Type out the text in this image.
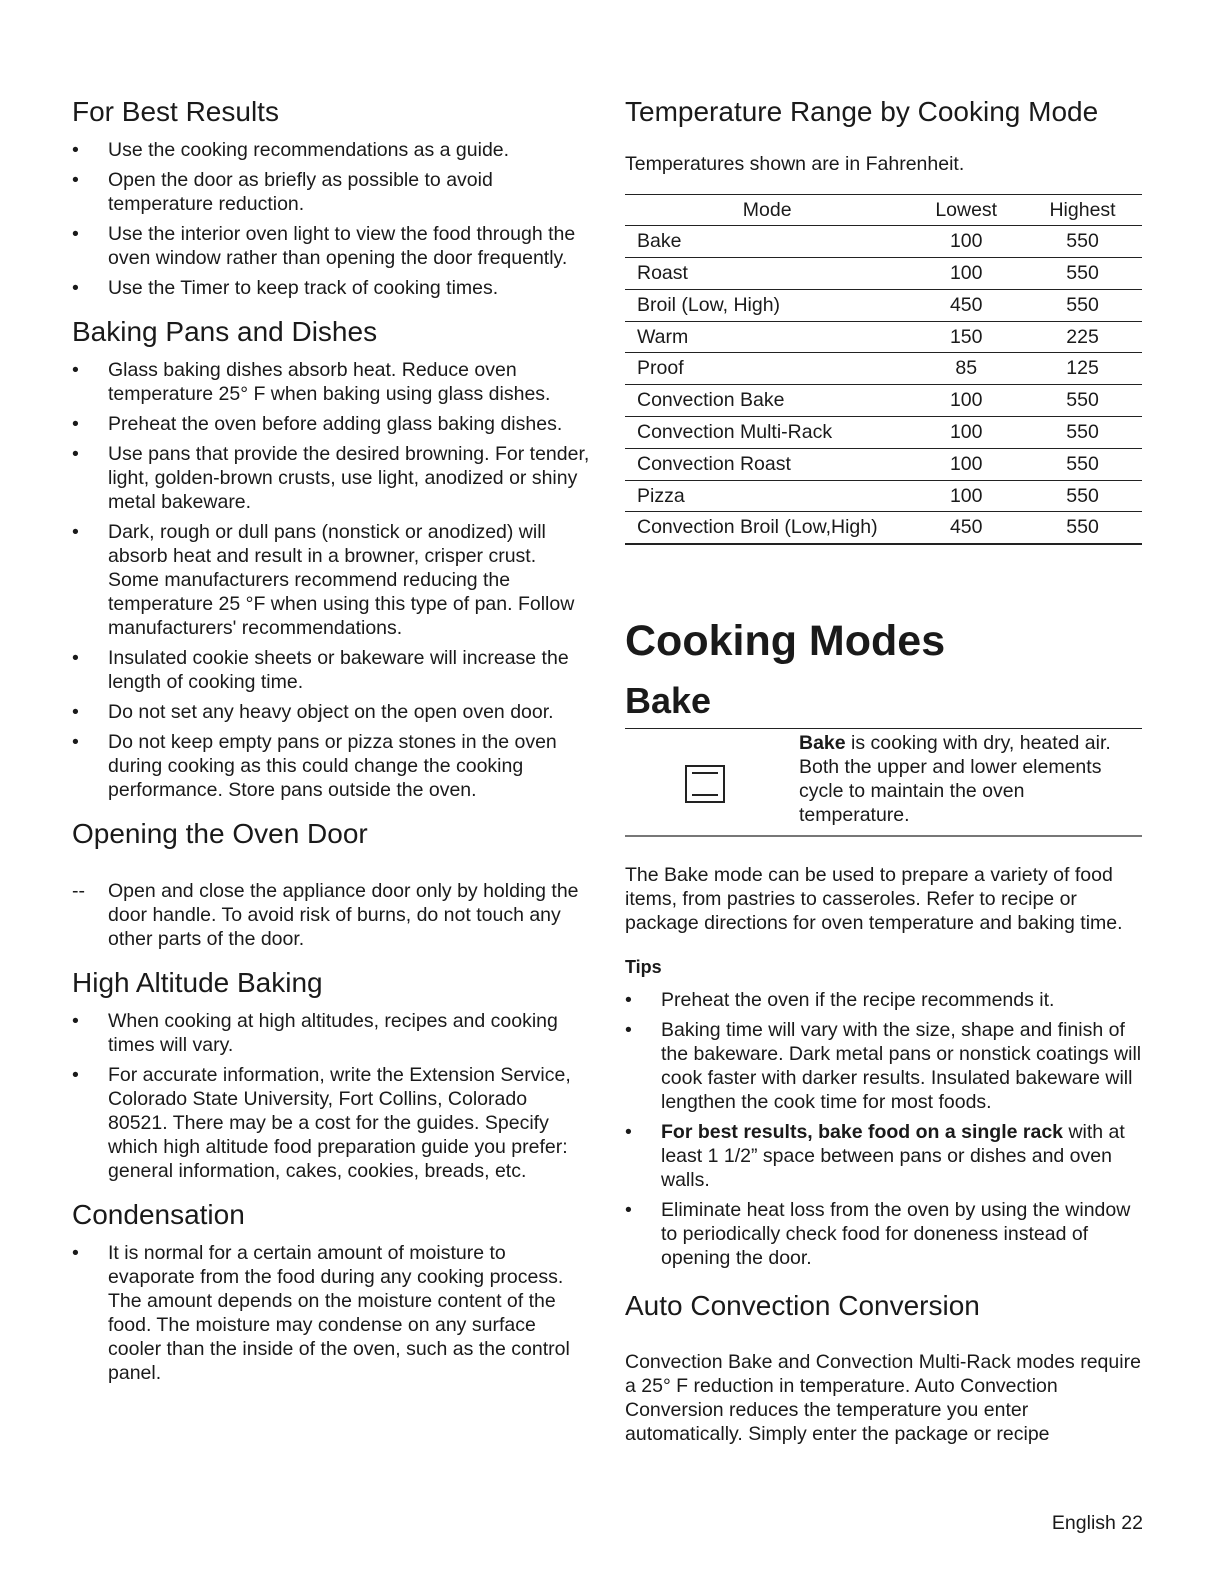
For Best Results
•	Use the cooking recommendations as a guide.
•	Open the door as briefly as possible to avoid temperature reduction.
•	Use the interior oven light to view the food through the oven window rather than opening the door frequently.
•	Use the Timer to keep track of cooking times.
Baking Pans and Dishes
•	Glass baking dishes absorb heat. Reduce oven temperature 25° F when baking using glass dishes.
•	Preheat the oven before adding glass baking dishes.
•	Use pans that provide the desired browning. For tender, light, golden-brown crusts, use light, anodized or shiny metal bakeware.
•	Dark, rough or dull pans (nonstick or anodized) will absorb heat and result in a browner, crisper crust. Some manufacturers recommend reducing the temperature 25 °F when using this type of pan. Follow manufacturers' recommendations.
•	Insulated cookie sheets or bakeware will increase the length of cooking time.
•	Do not set any heavy object on the open oven door.
•	Do not keep empty pans or pizza stones in the oven during cooking as this could change the cooking performance. Store pans outside the oven.
Opening the Oven Door
--	Open and close the appliance door only by holding the door handle. To avoid risk of burns, do not touch any other parts of the door.
High Altitude Baking
•	When cooking at high altitudes, recipes and cooking times will vary.
•	For accurate information, write the Extension Service, Colorado State University, Fort Collins, Colorado 80521. There may be a cost for the guides. Specify which high altitude food preparation guide you prefer: general information, cakes, cookies, breads, etc.
Condensation
•	It is normal for a certain amount of moisture to evaporate from the food during any cooking process. The amount depends on the moisture content of the food. The moisture may condense on any surface cooler than the inside of the oven, such as the control panel.
Temperature Range by Cooking Mode

Temperatures shown are in Fahrenheit.

Mode	Lowest	Highest
Bake	100	550
Roast	100	550
Broil (Low, High)	450	550
Warm	150	225
Proof	85	125
Convection Bake	100	550
Convection Multi-Rack	100	550
Convection Roast	100	550
Pizza	100	550
Convection Broil (Low,High)	450	550
Cooking Modes
Bake
Bake is cooking with dry, heated air. Both the upper and lower elements cycle to maintain the oven temperature.

The Bake mode can be used to prepare a variety of food items, from pastries to casseroles. Refer to recipe or package directions for oven temperature and baking time.

Tips
•	Preheat the oven if the recipe recommends it.
•	Baking time will vary with the size, shape and finish of the bakeware. Dark metal pans or nonstick coatings will cook faster with darker results. Insulated bakeware will lengthen the cook time for most foods.
•	For best results, bake food on a single rack with at least 1 1/2” space between pans or dishes and oven walls.
•	Eliminate heat loss from the oven by using the window to periodically check food for doneness instead of opening the door.
Auto Convection Conversion

Convection Bake and Convection Multi-Rack modes require a 25° F reduction in temperature. Auto Convection Conversion reduces the temperature you enter automatically. Simply enter the package or recipe

English 22
